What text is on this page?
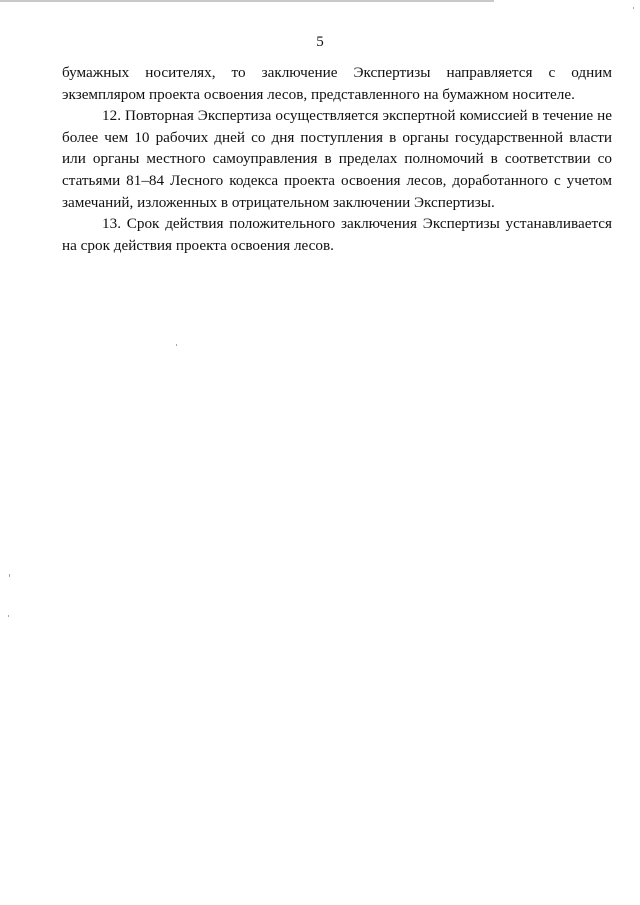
5

бумажных носителях, то заключение Экспертизы направляется с одним экземпляром проекта освоения лесов, представленного на бумажном носителе.

12. Повторная Экспертиза осуществляется экспертной комиссией в течение не более чем 10 рабочих дней со дня поступления в органы государственной власти или органы местного самоуправления в пределах полномочий в соответствии со статьями 81–84 Лесного кодекса проекта освоения лесов, доработанного с учетом замечаний, изложенных в отрицательном заключении Экспертизы.

13. Срок действия положительного заключения Экспертизы устанавливается на срок действия проекта освоения лесов.
